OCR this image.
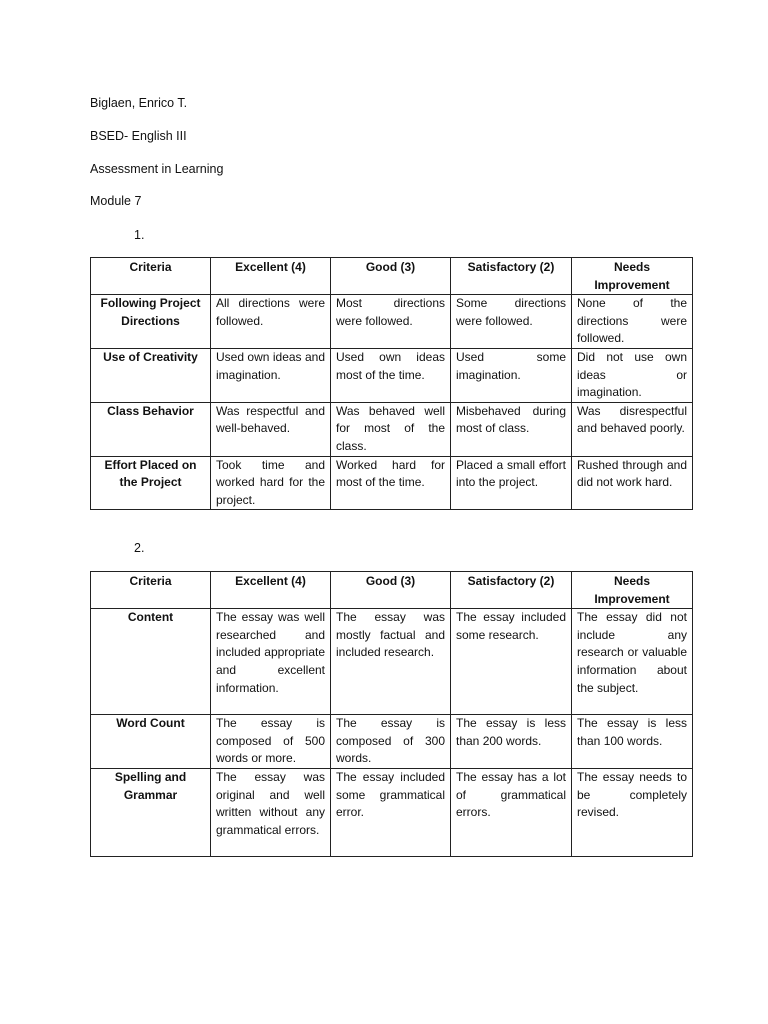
Biglaen, Enrico T.
BSED- English III
Assessment in Learning
Module 7
1.
Criteria	Excellent (4)	Good (3)	Satisfactory (2)	Needs Improvement
Following Project Directions	All directions were followed.	Most directions were followed.	Some directions were followed.	None of the directions were followed.
Use of Creativity	Used own ideas and imagination.	Used own ideas most of the time.	Used some imagination.	Did not use own ideas or imagination.
Class Behavior	Was respectful and well-behaved.	Was behaved well for most of the class.	Misbehaved during most of class.	Was disrespectful and behaved poorly.
Effort Placed on the Project	Took time and worked hard for the project.	Worked hard for most of the time.	Placed a small effort into the project.	Rushed through and did not work hard.
2.
Criteria	Excellent (4)	Good (3)	Satisfactory (2)	Needs Improvement
Content	The essay was well researched and included appropriate and excellent information.	The essay was mostly factual and included research.	The essay included some research.	The essay did not include any research or valuable information about the subject.
Word Count	The essay is composed of 500 words or more.	The essay is composed of 300 words.	The essay is less than 200 words.	The essay is less than 100 words.
Spelling and Grammar	The essay was original and well written without any grammatical errors.	The essay included some grammatical error.	The essay has a lot of grammatical errors.	The essay needs to be completely revised.
